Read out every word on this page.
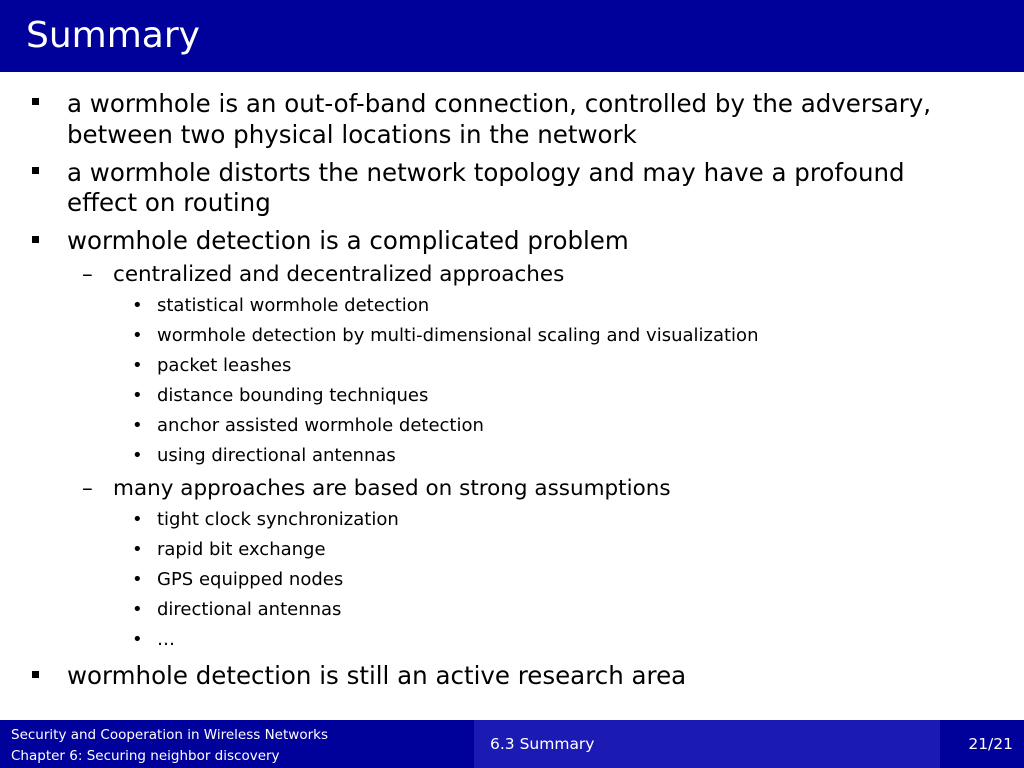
Summary
a wormhole is an out-of-band connection, controlled by the adversary,
between two physical locations in the network
a wormhole distorts the network topology and may have a profound
effect on routing
wormhole detection is a complicated problem
– centralized and decentralized approaches
• statistical wormhole detection
• wormhole detection by multi-dimensional scaling and visualization
• packet leashes
• distance bounding techniques
• anchor assisted wormhole detection
• using directional antennas
– many approaches are based on strong assumptions
• tight clock synchronization
• rapid bit exchange
• GPS equipped nodes
• directional antennas
• …
wormhole detection is still an active research area
Security and Cooperation in Wireless Networks
Chapter 6: Securing neighbor discovery
6.3 Summary	21/21
